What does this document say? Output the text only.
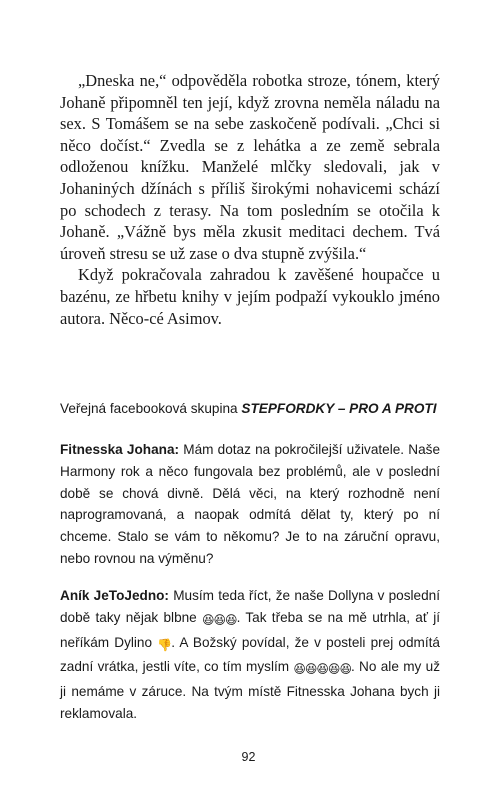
„Dneska ne,“ odpověděla robotka stroze, tónem, který Johaně připomněl ten její, když zrovna neměla náladu na sex. S Tomášem se na sebe zaskočeně podívali. „Chci si něco dočíst.“ Zvedla se z lehátka a ze země sebrala odloženou knížku. Manželé mlčky sledovali, jak v Johaniných džínách s příliš širokými nohavicemi schází po schodech z terasy. Na tom posledním se otočila k Johaně. „Vážně bys měla zkusit meditaci dechem. Tvá úroveň stresu se už zase o dva stupně zvýšila.“

Když pokračovala zahradou k zavěšené houpačce u bazénu, ze hřbetu knihy v jejím podpaží vykouklo jméno autora. Něco-cé Asimov.

Veřejná facebooková skupina STEPFORDKY – PRO A PROTI

Fitnesska Johana: Mám dotaz na pokročilejší uživatele. Naše Harmony rok a něco fungovala bez problémů, ale v poslední době se chová divně. Dělá věci, na který rozhodně není naprogramovaná, a naopak odmítá dělat ty, který po ní chceme. Stalo se vám to někomu? Je to na záruční opravu, nebo rovnou na výměnu?

Aník JeToJedno: Musím teda říct, že naše Dollyna v poslední době taky nějak blbne 😆😆😆. Tak třeba se na mě utrhla, ať jí neříkám Dylino 👎. A Božský povídal, že v posteli prej odmítá zadní vrátka, jestli víte, co tím myslím 😆😆😆😆😆. No ale my už ji nemáme v záruce. Na tvým místě Fitnesska Johana bych ji reklamovala.

92
